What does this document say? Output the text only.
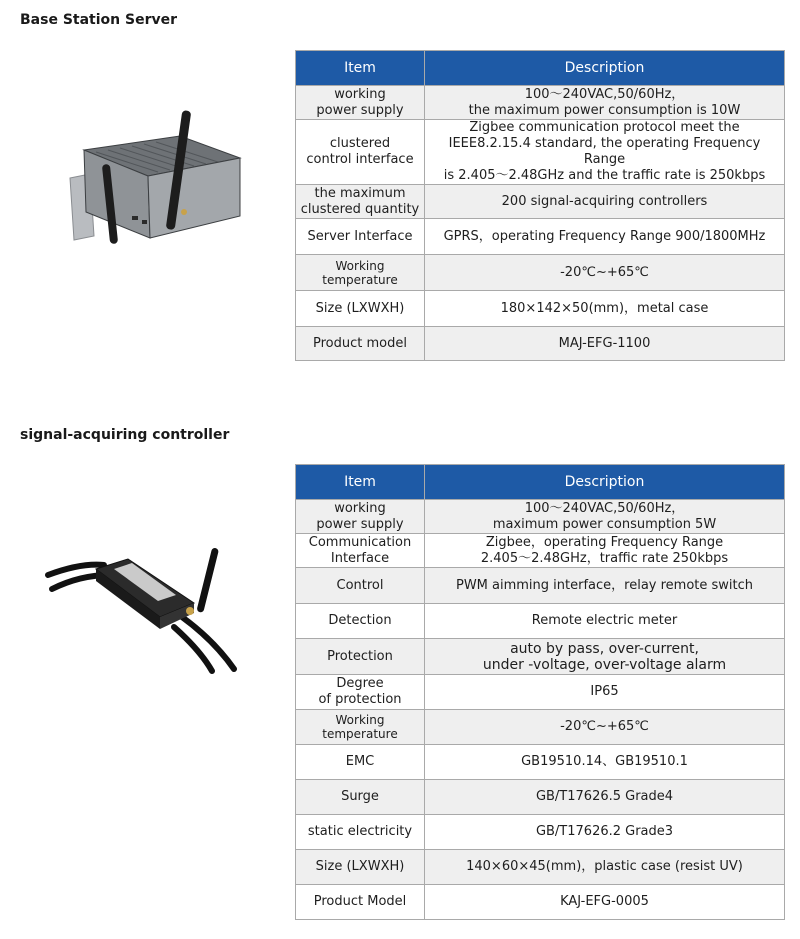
Base Station Server
Item	Description

working
power supply	100～240VAC,50/60Hz，
the maximum power consumption is 10W

clustered
control interface	Zigbee communication protocol meet the
IEEE8.2.15.4 standard, the operating Frequency Range
is 2.405～2.48GHz and the traffic rate is 250kbps

the maximum
clustered quantity	200 signal-acquiring controllers

Server Interface	GPRS，operating Frequency Range 900/1800MHz

Working
temperature	-20℃~+65℃

Size (LXWXH)	180×142×50(mm)，metal case

Product model	MAJ-EFG-1100
signal-acquiring controller
Item	Description

working
power supply	100～240VAC,50/60Hz，
maximum power consumption 5W

Communication
Interface	Zigbee，operating Frequency Range
2.405～2.48GHz，traffic rate 250kbps

Control	PWM aimming interface，relay remote switch

Detection	Remote electric meter

Protection	auto by pass, over-current,
under -voltage, over-voltage alarm

Degree
of protection	IP65

Working
temperature	-20℃~+65℃

EMC	GB19510.14、GB19510.1

Surge	GB/T17626.5 Grade4

static electricity	GB/T17626.2 Grade3

Size (LXWXH)	140×60×45(mm)，plastic case (resist UV)

Product Model	KAJ-EFG-0005
